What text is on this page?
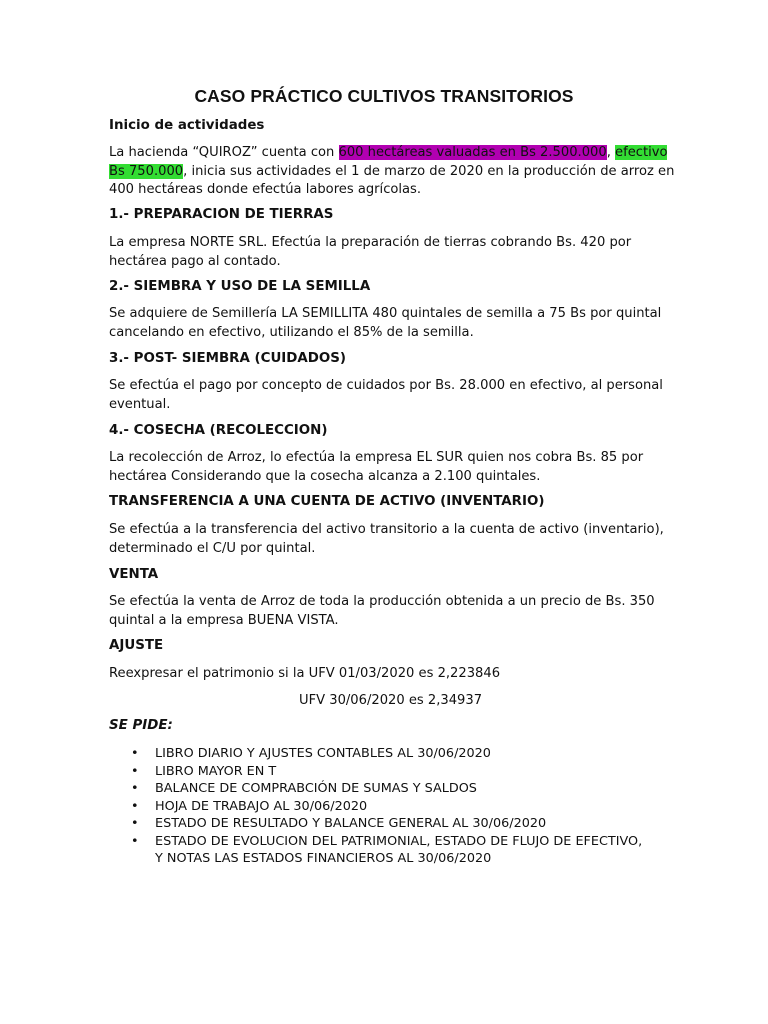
CASO PRÁCTICO CULTIVOS TRANSITORIOS
Inicio de actividades
La hacienda “QUIROZ” cuenta con 600 hectáreas valuadas en Bs 2.500.000, efectivo
Bs 750.000, inicia sus actividades el 1 de marzo de 2020 en la producción de arroz en
400 hectáreas donde efectúa labores agrícolas.
1.- PREPARACION DE TIERRAS
La empresa NORTE SRL. Efectúa la preparación de tierras cobrando Bs. 420 por
hectárea pago al contado.
2.- SIEMBRA Y USO DE LA SEMILLA
Se adquiere de Semillería LA SEMILLITA 480 quintales de semilla a 75 Bs por quintal
cancelando en efectivo, utilizando el 85% de la semilla.
3.- POST- SIEMBRA (CUIDADOS)
Se efectúa el pago por concepto de cuidados por Bs. 28.000 en efectivo, al personal
eventual.
4.- COSECHA (RECOLECCION)
La recolección de Arroz, lo efectúa la empresa EL SUR quien nos cobra Bs. 85 por
hectárea Considerando que la cosecha alcanza a 2.100 quintales.
TRANSFERENCIA A UNA CUENTA DE ACTIVO (INVENTARIO)
Se efectúa a la transferencia del activo transitorio a la cuenta de activo (inventario),
determinado el C/U por quintal.
VENTA
Se efectúa la venta de Arroz de toda la producción obtenida a un precio de Bs. 350
quintal a la empresa BUENA VISTA.
AJUSTE
Reexpresar el patrimonio si la UFV 01/03/2020 es 2,223846
UFV 30/06/2020 es 2,34937
SE PIDE:
• LIBRO DIARIO Y AJUSTES CONTABLES AL 30/06/2020
• LIBRO MAYOR EN T
• BALANCE DE COMPRABCIÓN DE SUMAS Y SALDOS
• HOJA DE TRABAJO AL 30/06/2020
• ESTADO DE RESULTADO Y BALANCE GENERAL AL 30/06/2020
• ESTADO DE EVOLUCION DEL PATRIMONIAL, ESTADO DE FLUJO DE EFECTIVO,
Y NOTAS LAS ESTADOS FINANCIEROS AL 30/06/2020
